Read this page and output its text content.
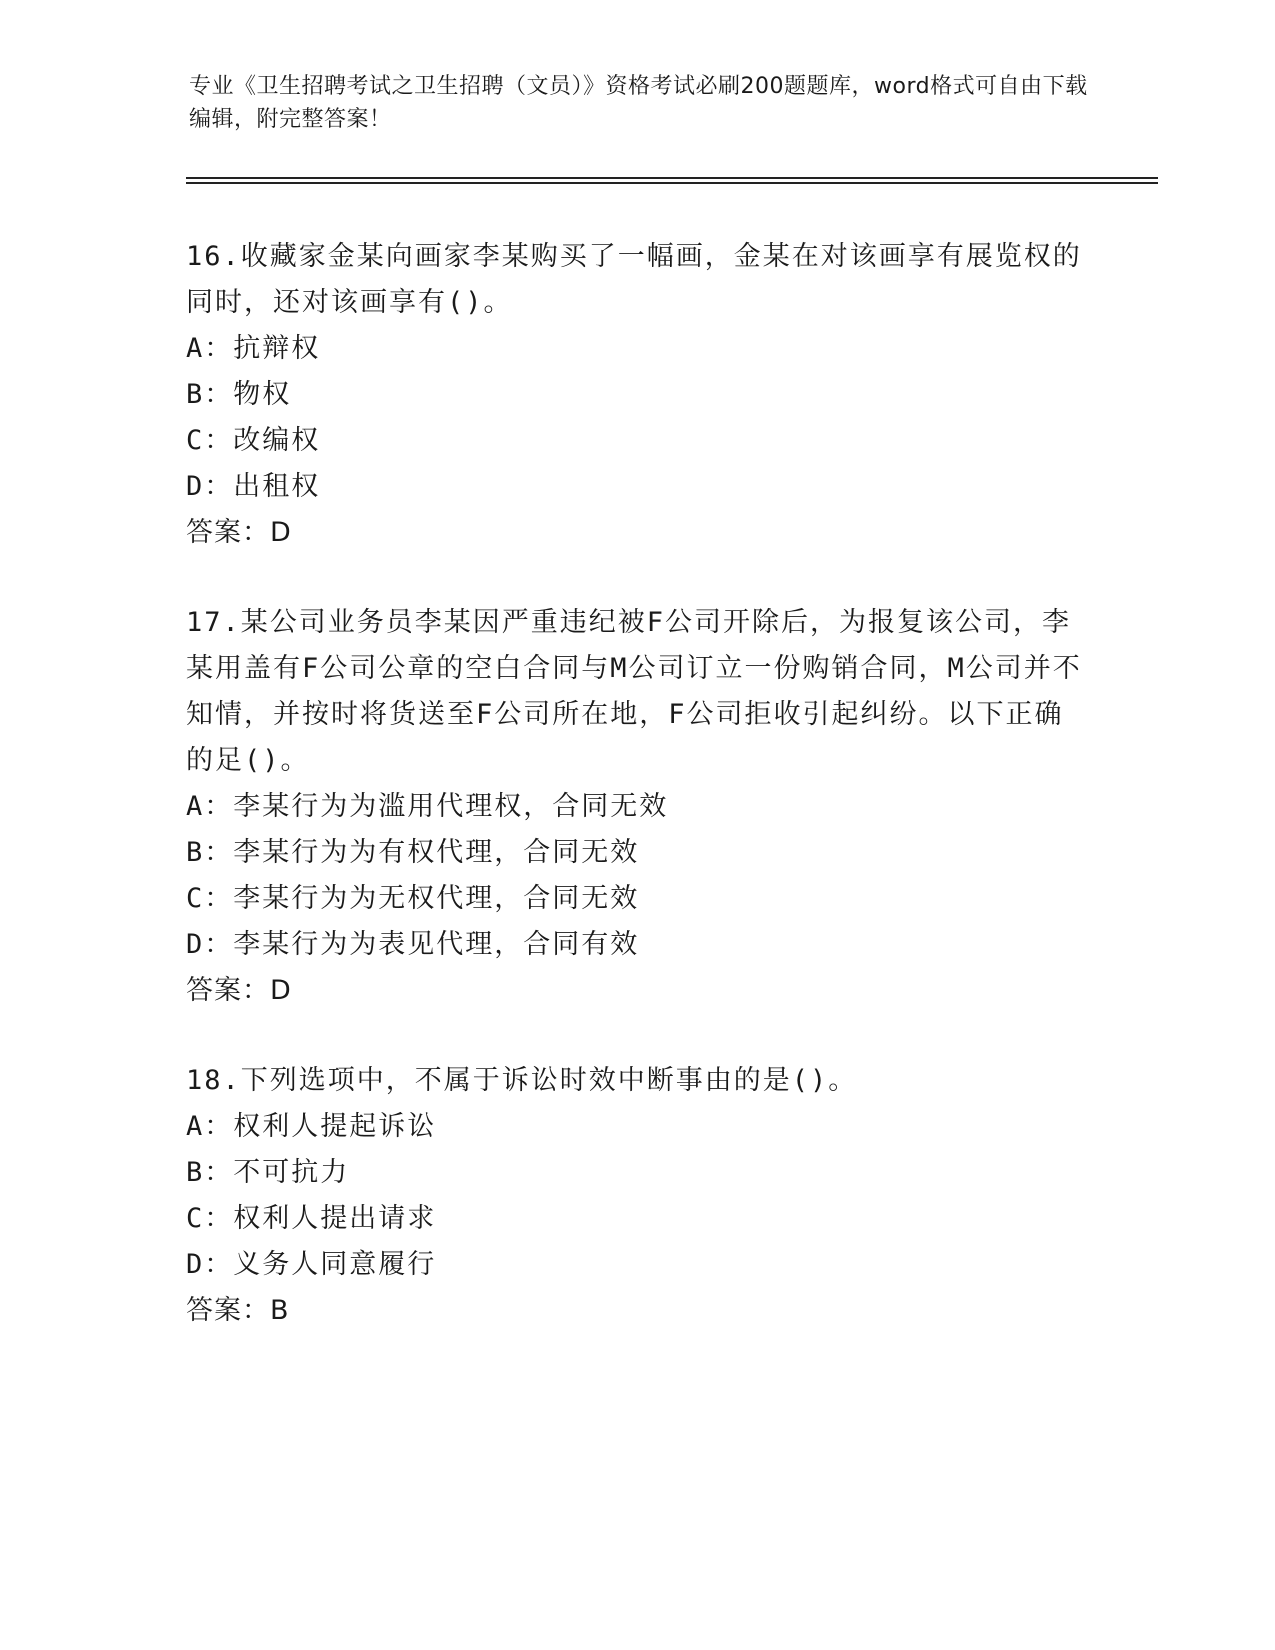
专业《卫生招聘考试之卫生招聘（文员）》资格考试必刷200题题库，word格式可自由下载编辑，附完整答案！

16.收藏家金某向画家李某购买了一幅画，金某在对该画享有展览权的同时，还对该画享有()。

A：抗辩权

B：物权

C：改编权

D：出租权

答案：D

17.某公司业务员李某因严重违纪被F公司开除后，为报复该公司，李某用盖有F公司公章的空白合同与M公司订立一份购销合同，M公司并不知情，并按时将货送至F公司所在地，F公司拒收引起纠纷。以下正确的足()。

A：李某行为为滥用代理权，合同无效

B：李某行为为有权代理，合同无效

C：李某行为为无权代理，合同无效

D：李某行为为表见代理，合同有效

答案：D

18.下列选项中，不属于诉讼时效中断事由的是()。

A：权利人提起诉讼

B：不可抗力

C：权利人提出请求

D：义务人同意履行

答案：B
